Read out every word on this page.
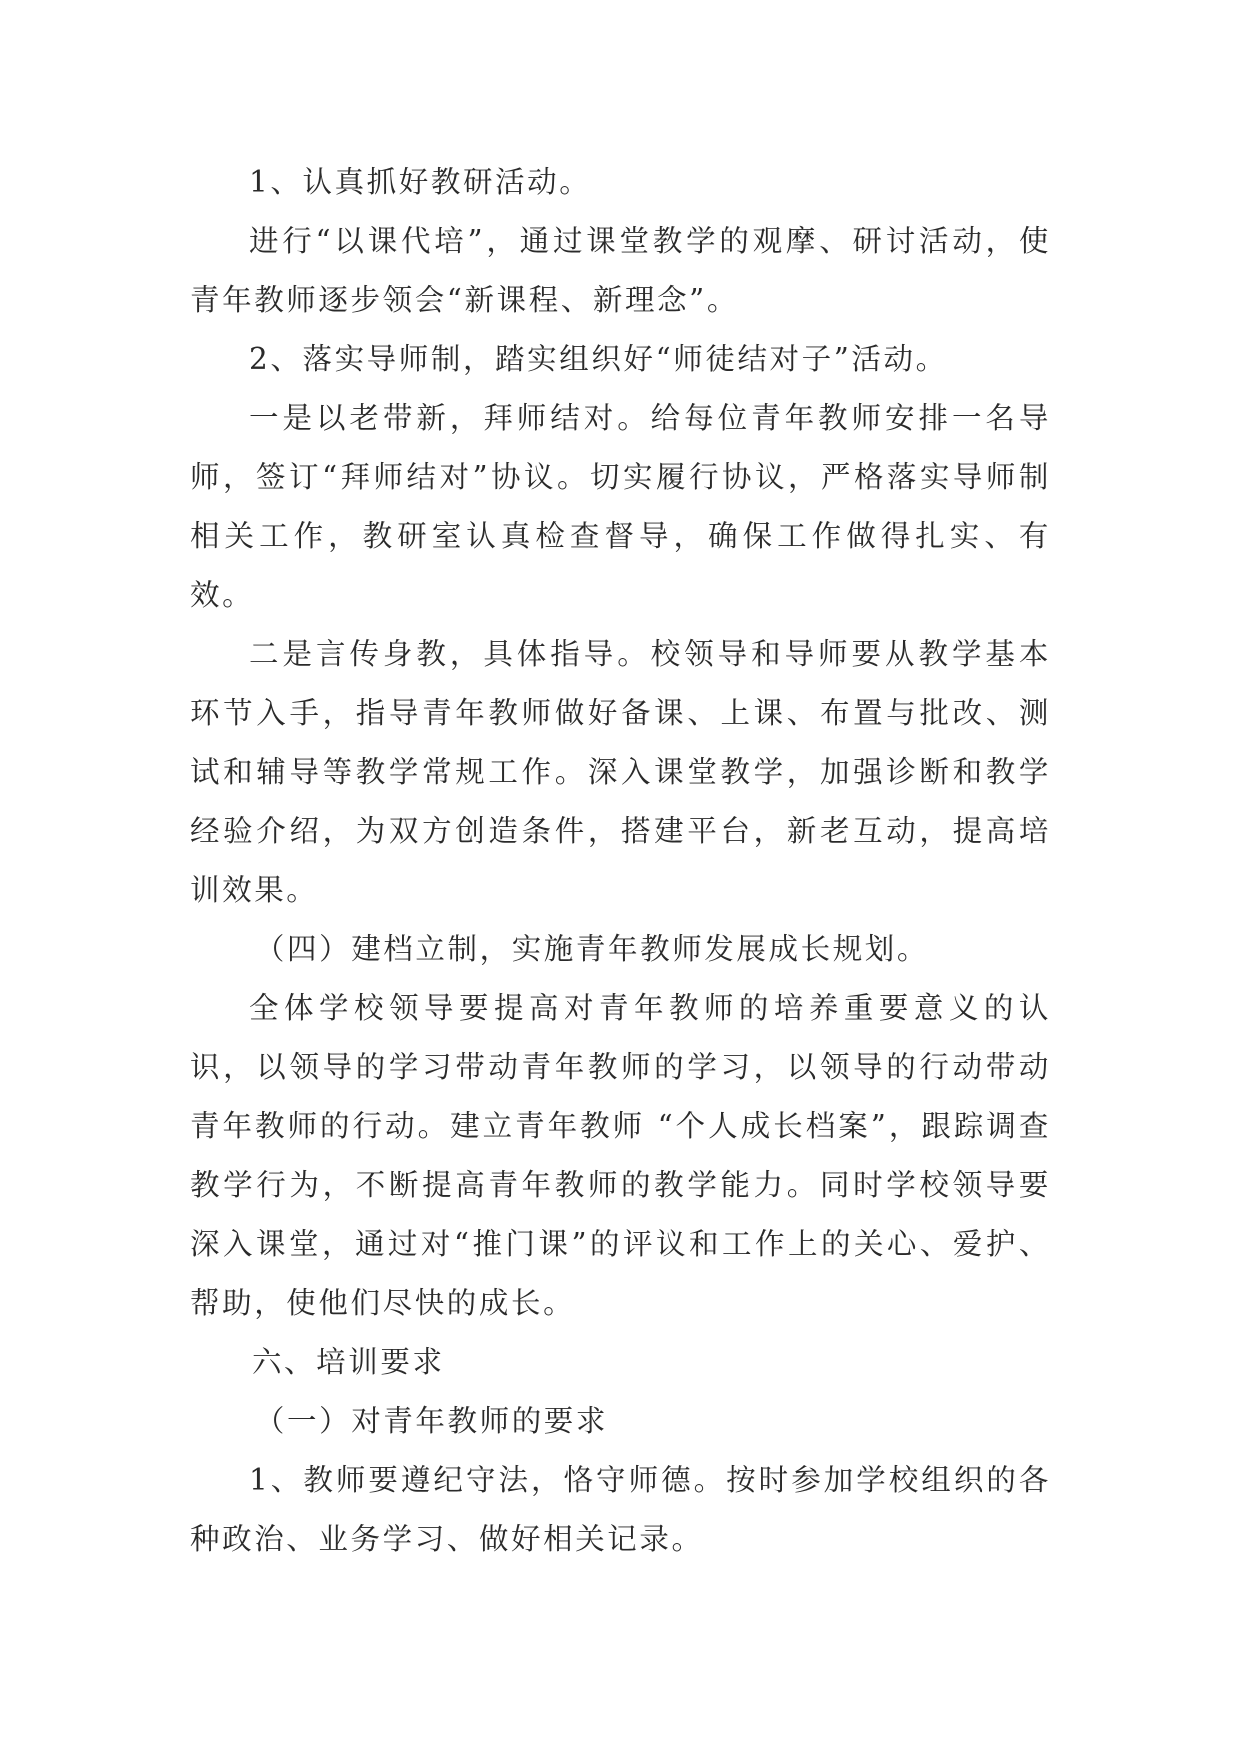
1、认真抓好教研活动。

进行“以课代培”，通过课堂教学的观摩、研讨活动，使青年教师逐步领会“新课程、新理念”。

2、落实导师制，踏实组织好“师徒结对子”活动。

一是以老带新，拜师结对。给每位青年教师安排一名导师，签订“拜师结对”协议。切实履行协议，严格落实导师制相关工作，教研室认真检查督导，确保工作做得扎实、有效。

二是言传身教，具体指导。校领导和导师要从教学基本环节入手，指导青年教师做好备课、上课、布置与批改、测试和辅导等教学常规工作。深入课堂教学，加强诊断和教学经验介绍，为双方创造条件，搭建平台，新老互动，提高培训效果。

（四）建档立制，实施青年教师发展成长规划。

全体学校领导要提高对青年教师的培养重要意义的认识，以领导的学习带动青年教师的学习，以领导的行动带动青年教师的行动。建立青年教师 “个人成长档案”，跟踪调查教学行为，不断提高青年教师的教学能力。同时学校领导要深入课堂，通过对“推门课”的评议和工作上的关心、爱护、帮助，使他们尽快的成长。

六、培训要求

（一）对青年教师的要求

1、教师要遵纪守法，恪守师德。按时参加学校组织的各种政治、业务学习、做好相关记录。
